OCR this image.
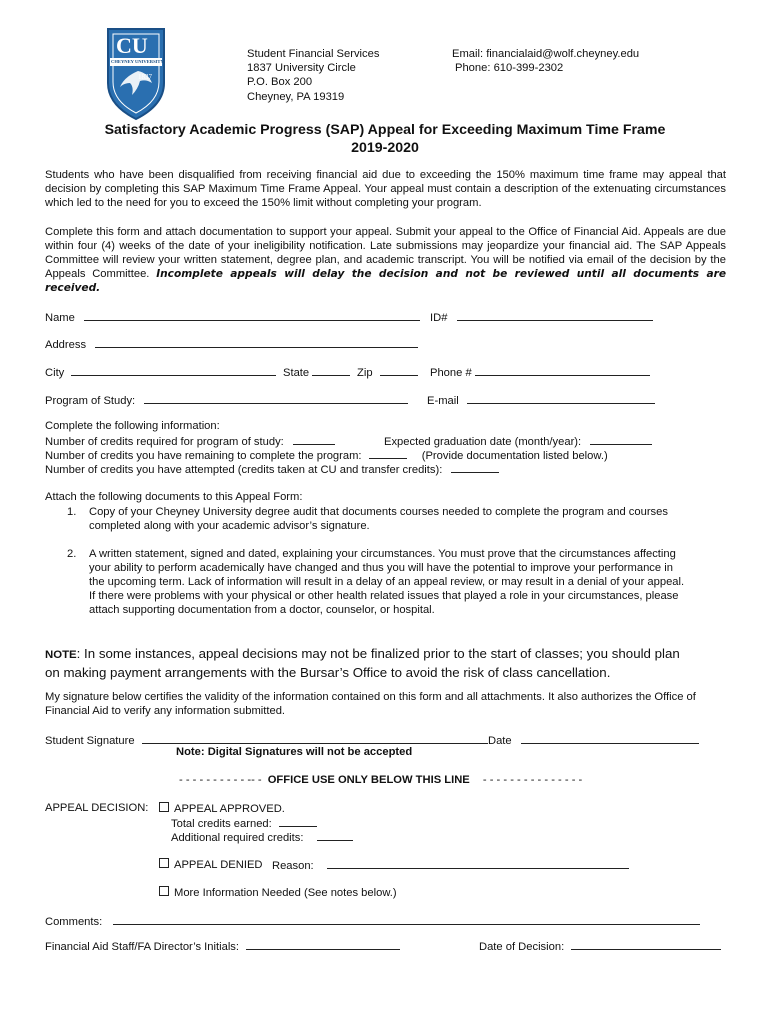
CU
CHEYNEY UNIVERSITY
1837
Student Financial Services
1837 University Circle
P.O. Box 200
Cheyney, PA 19319
Email: financialaid@wolf.cheyney.edu
Phone: 610-399-2302
Satisfactory Academic Progress (SAP) Appeal for Exceeding Maximum Time Frame
2019-2020
Students who have been disqualified from receiving financial aid due to exceeding the 150% maximum time frame may appeal that decision by completing this SAP Maximum Time Frame Appeal. Your appeal must contain a description of the extenuating circumstances which led to the need for you to exceed the 150% limit without completing your program.
Complete this form and attach documentation to support your appeal. Submit your appeal to the Office of Financial Aid. Appeals are due within four (4) weeks of the date of your ineligibility notification. Late submissions may jeopardize your financial aid. The SAP Appeals Committee will review your written statement, degree plan, and academic transcript. You will be notified via email of the decision by the Appeals Committee. Incomplete appeals will delay the decision and not be reviewed until all documents are received.
Name	ID#
Address
City	State	Zip	Phone #
Program of Study:	E-mail
Complete the following information:
Number of credits required for program of study:	Expected graduation date (month/year):
Number of credits you have remaining to complete the program:	(Provide documentation listed below.)
Number of credits you have attempted (credits taken at CU and transfer credits):
Attach the following documents to this Appeal Form:
1. Copy of your Cheyney University degree audit that documents courses needed to complete the program and courses completed along with your academic advisor’s signature.
2. A written statement, signed and dated, explaining your circumstances. You must prove that the circumstances affecting your ability to perform academically have changed and thus you will have the potential to improve your performance in the upcoming term. Lack of information will result in a delay of an appeal review, or may result in a denial of your appeal. If there were problems with your physical or other health related issues that played a role in your circumstances, please attach supporting documentation from a doctor, counselor, or hospital.
NOTE: In some instances, appeal decisions may not be finalized prior to the start of classes; you should plan on making payment arrangements with the Bursar’s Office to avoid the risk of class cancellation.
My signature below certifies the validity of the information contained on this form and all attachments. It also authorizes the Office of Financial Aid to verify any information submitted.
Student Signature	Date
Note: Digital Signatures will not be accepted
- - - - - - - - - - -- - OFFICE USE ONLY BELOW THIS LINE - - - - - - - - - - - - - - -
APPEAL DECISION:	APPEAL APPROVED.
Total credits earned:
Additional required credits:
APPEAL DENIED Reason:
More Information Needed (See notes below.)
Comments:
Financial Aid Staff/FA Director’s Initials:	Date of Decision:
